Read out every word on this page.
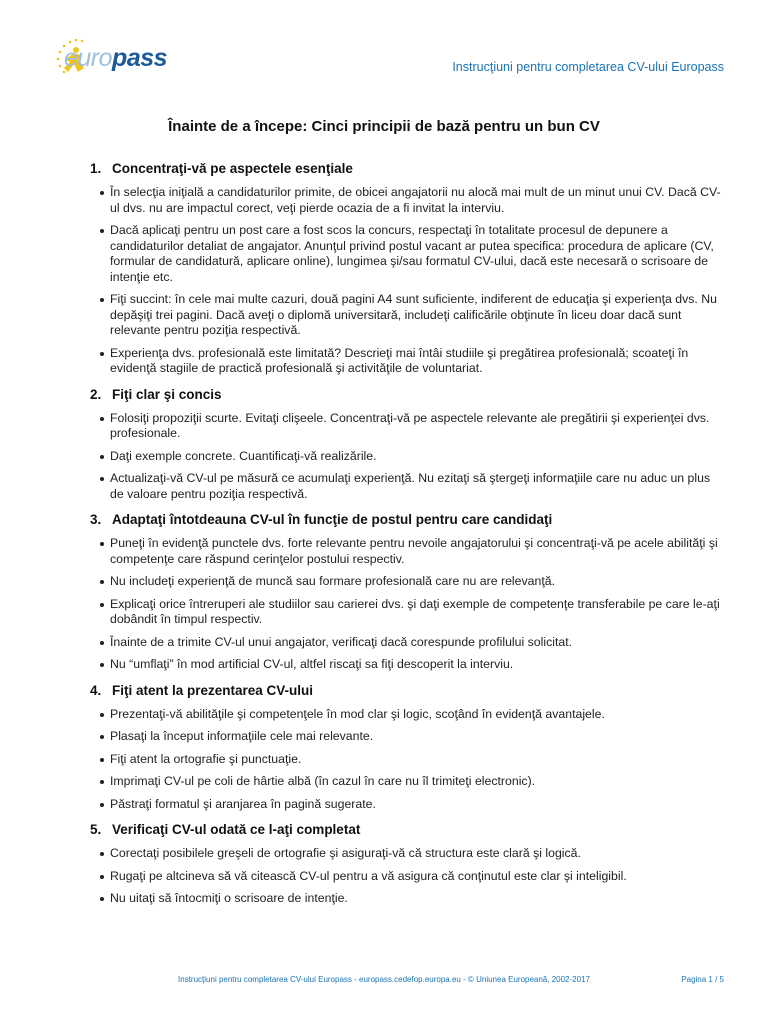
europass	Instrucţiuni pentru completarea CV-ului Europass
Înainte de a începe: Cinci principii de bază pentru un bun CV
1. Concentraţi-vă pe aspectele esenţiale
În selecţia iniţială a candidaturilor primite, de obicei angajatorii nu alocă mai mult de un minut unui CV. Dacă CV-ul dvs. nu are impactul corect, veţi pierde ocazia de a fi invitat la interviu.
Dacă aplicaţi pentru un post care a fost scos la concurs, respectaţi în totalitate procesul de depunere a candidaturilor detaliat de angajator. Anunţul privind postul vacant ar putea specifica: procedura de aplicare (CV, formular de candidatură, aplicare online), lungimea şi/sau formatul CV-ului, dacă este necesară o scrisoare de intenţie etc.
Fiţi succint: în cele mai multe cazuri, două pagini A4 sunt suficiente, indiferent de educaţia şi experienţa dvs. Nu depăşiţi trei pagini. Dacă aveţi o diplomă universitară, includeţi calificările obţinute în liceu doar dacă sunt relevante pentru poziţia respectivă.
Experienţa dvs. profesională este limitată? Descrieţi mai întâi studiile şi pregătirea profesională; scoateţi în evidenţă stagiile de practică profesională şi activităţile de voluntariat.
2. Fiţi clar şi concis
Folosiţi propoziţii scurte. Evitaţi clişeele. Concentraţi-vă pe aspectele relevante ale pregătirii şi experienţei dvs. profesionale.
Daţi exemple concrete. Cuantificaţi-vă realizările.
Actualizaţi-vă CV-ul pe măsură ce acumulaţi experienţă. Nu ezitaţi să ştergeţi informaţiile care nu aduc un plus de valoare pentru poziţia respectivă.
3. Adaptaţi întotdeauna CV-ul în funcţie de postul pentru care candidaţi
Puneţi în evidenţă punctele dvs. forte relevante pentru nevoile angajatorului şi concentraţi-vă pe acele abilităţi şi competenţe care răspund cerinţelor postului respectiv.
Nu includeţi experienţă de muncă sau formare profesională care nu are relevanţă.
Explicaţi orice întreruperi ale studiilor sau carierei dvs. şi daţi exemple de competenţe transferabile pe care le-aţi dobândit în timpul respectiv.
Înainte de a trimite CV-ul unui angajator, verificaţi dacă corespunde profilului solicitat.
Nu “umflaţi” în mod artificial CV-ul, altfel riscaţi sa fiţi descoperit la interviu.
4. Fiţi atent la prezentarea CV-ului
Prezentaţi-vă abilităţile şi competenţele în mod clar şi logic, scoţând în evidenţă avantajele.
Plasaţi la început informaţiile cele mai relevante.
Fiţi atent la ortografie şi punctuaţie.
Imprimaţi CV-ul pe coli de hârtie albă (în cazul în care nu îl trimiteţi electronic).
Păstraţi formatul şi aranjarea în pagină sugerate.
5. Verificaţi CV-ul odată ce l-aţi completat
Corectaţi posibilele greşeli de ortografie şi asiguraţi-vă că structura este clară şi logică.
Rugaţi pe altcineva să vă citească CV-ul pentru a vă asigura că conţinutul este clar şi inteligibil.
Nu uitaţi să întocmiţi o scrisoare de intenţie.
Instrucţiuni pentru completarea CV-ului Europass - europass.cedefop.europa.eu - © Uniunea Europeană, 2002-2017	Pagina 1 / 5
